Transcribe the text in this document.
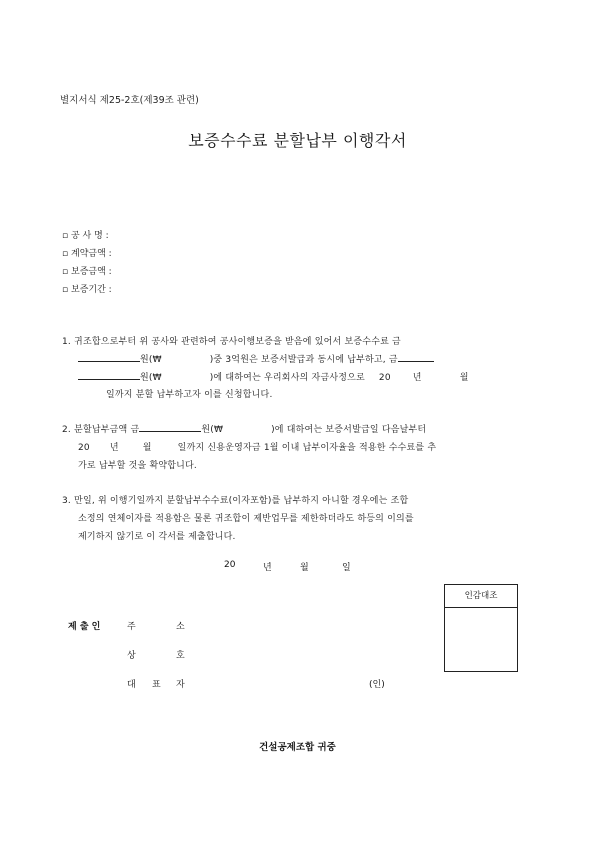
별지서식 제25-2호(제39조 관련)
보증수수료 분할납부 이행각서
▫ 공 사 명 :
▫ 계약금액 :
▫ 보증금액 :
▫ 보증기간 :
1. 귀조합으로부터 위 공사와 관련하여 공사이행보증을 받음에 있어서 보증수수료 금
원(₩	)중 3억원은 보증서발급과 동시에 납부하고, 금
원(₩	)에 대하여는 우리회사의 자금사정으로 20 년	월
일까지 분할 납부하고자 이를 신청합니다.
2. 분할납부금액 금	원(₩	)에 대하여는 보증서발급일 다음날부터
20 년	월	일까지 신용운영자금 1월 이내 납부이자율을 적용한 수수료를 추
가로 납부할 것을 확약합니다.
3. 만일, 위 이행기일까지 분할납부수수료(이자포함)를 납부하지 아니할 경우에는 조합
소정의 연체이자를 적용함은 물론 귀조합이 제반업무를 제한하더라도 하등의 이의를
제기하지 않기로 이 각서를 제출합니다.
20	년	월	일
인감대조
제 출 인	주	소
상	호
대 표 자	(인)
건설공제조합 귀중
